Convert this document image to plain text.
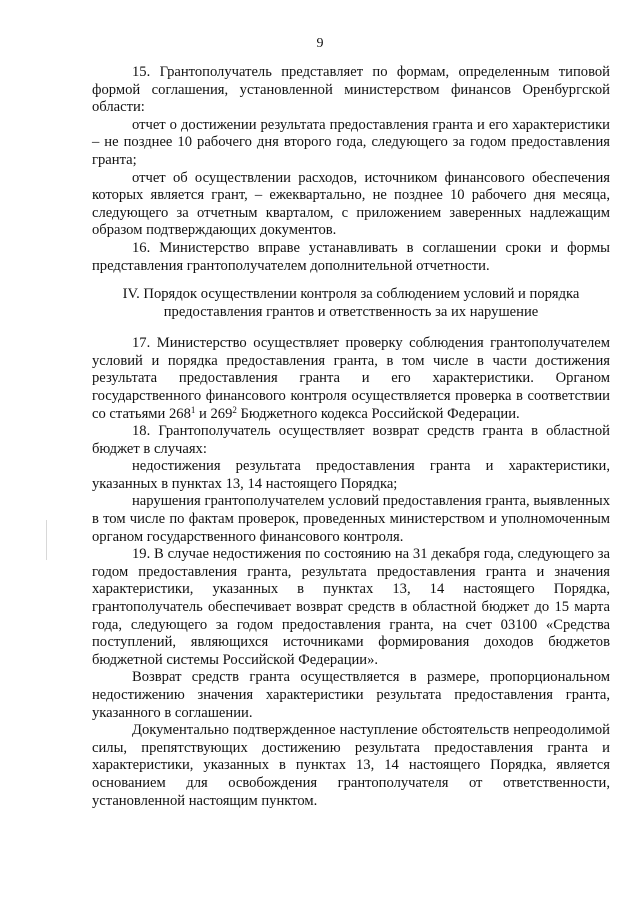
9

15. Грантополучатель представляет по формам, определенным типовой формой соглашения, установленной министерством финансов Оренбургской области:

отчет о достижении результата предоставления гранта и его характеристики – не позднее 10 рабочего дня второго года, следующего за годом предоставления гранта;

отчет об осуществлении расходов, источником финансового обеспечения которых является грант, – ежеквартально, не позднее 10 рабочего дня месяца, следующего за отчетным кварталом, с приложением заверенных надлежащим образом подтверждающих документов.

16. Министерство вправе устанавливать в соглашении сроки и формы представления грантополучателем дополнительной отчетности.

IV. Порядок осуществлении контроля за соблюдением условий и порядка предоставления грантов и ответственность за их нарушение

17. Министерство осуществляет проверку соблюдения грантополучателем условий и порядка предоставления гранта, в том числе в части достижения результата предоставления гранта и его характеристики. Органом государственного финансового контроля осуществляется проверка в соответствии со статьями $268^1$ и $269^2$ Бюджетного кодекса Российской Федерации.

18. Грантополучатель осуществляет возврат средств гранта в областной бюджет в случаях:

недостижения результата предоставления гранта и характеристики, указанных в пунктах 13, 14 настоящего Порядка;

нарушения грантополучателем условий предоставления гранта, выявленных в том числе по фактам проверок, проведенных министерством и уполномоченным органом государственного финансового контроля.

19. В случае недостижения по состоянию на 31 декабря года, следующего за годом предоставления гранта, результата предоставления гранта и значения характеристики, указанных в пунктах 13, 14 настоящего Порядка, грантополучатель обеспечивает возврат средств в областной бюджет до 15 марта года, следующего за годом предоставления гранта, на счет 03100 «Средства поступлений, являющихся источниками формирования доходов бюджетов бюджетной системы Российской Федерации».

Возврат средств гранта осуществляется в размере, пропорциональном недостижению значения характеристики результата предоставления гранта, указанного в соглашении.

Документально подтвержденное наступление обстоятельств непреодолимой силы, препятствующих достижению результата предоставления гранта и характеристики, указанных в пунктах 13, 14 настоящего Порядка, является основанием для освобождения грантополучателя от ответственности, установленной настоящим пунктом.
